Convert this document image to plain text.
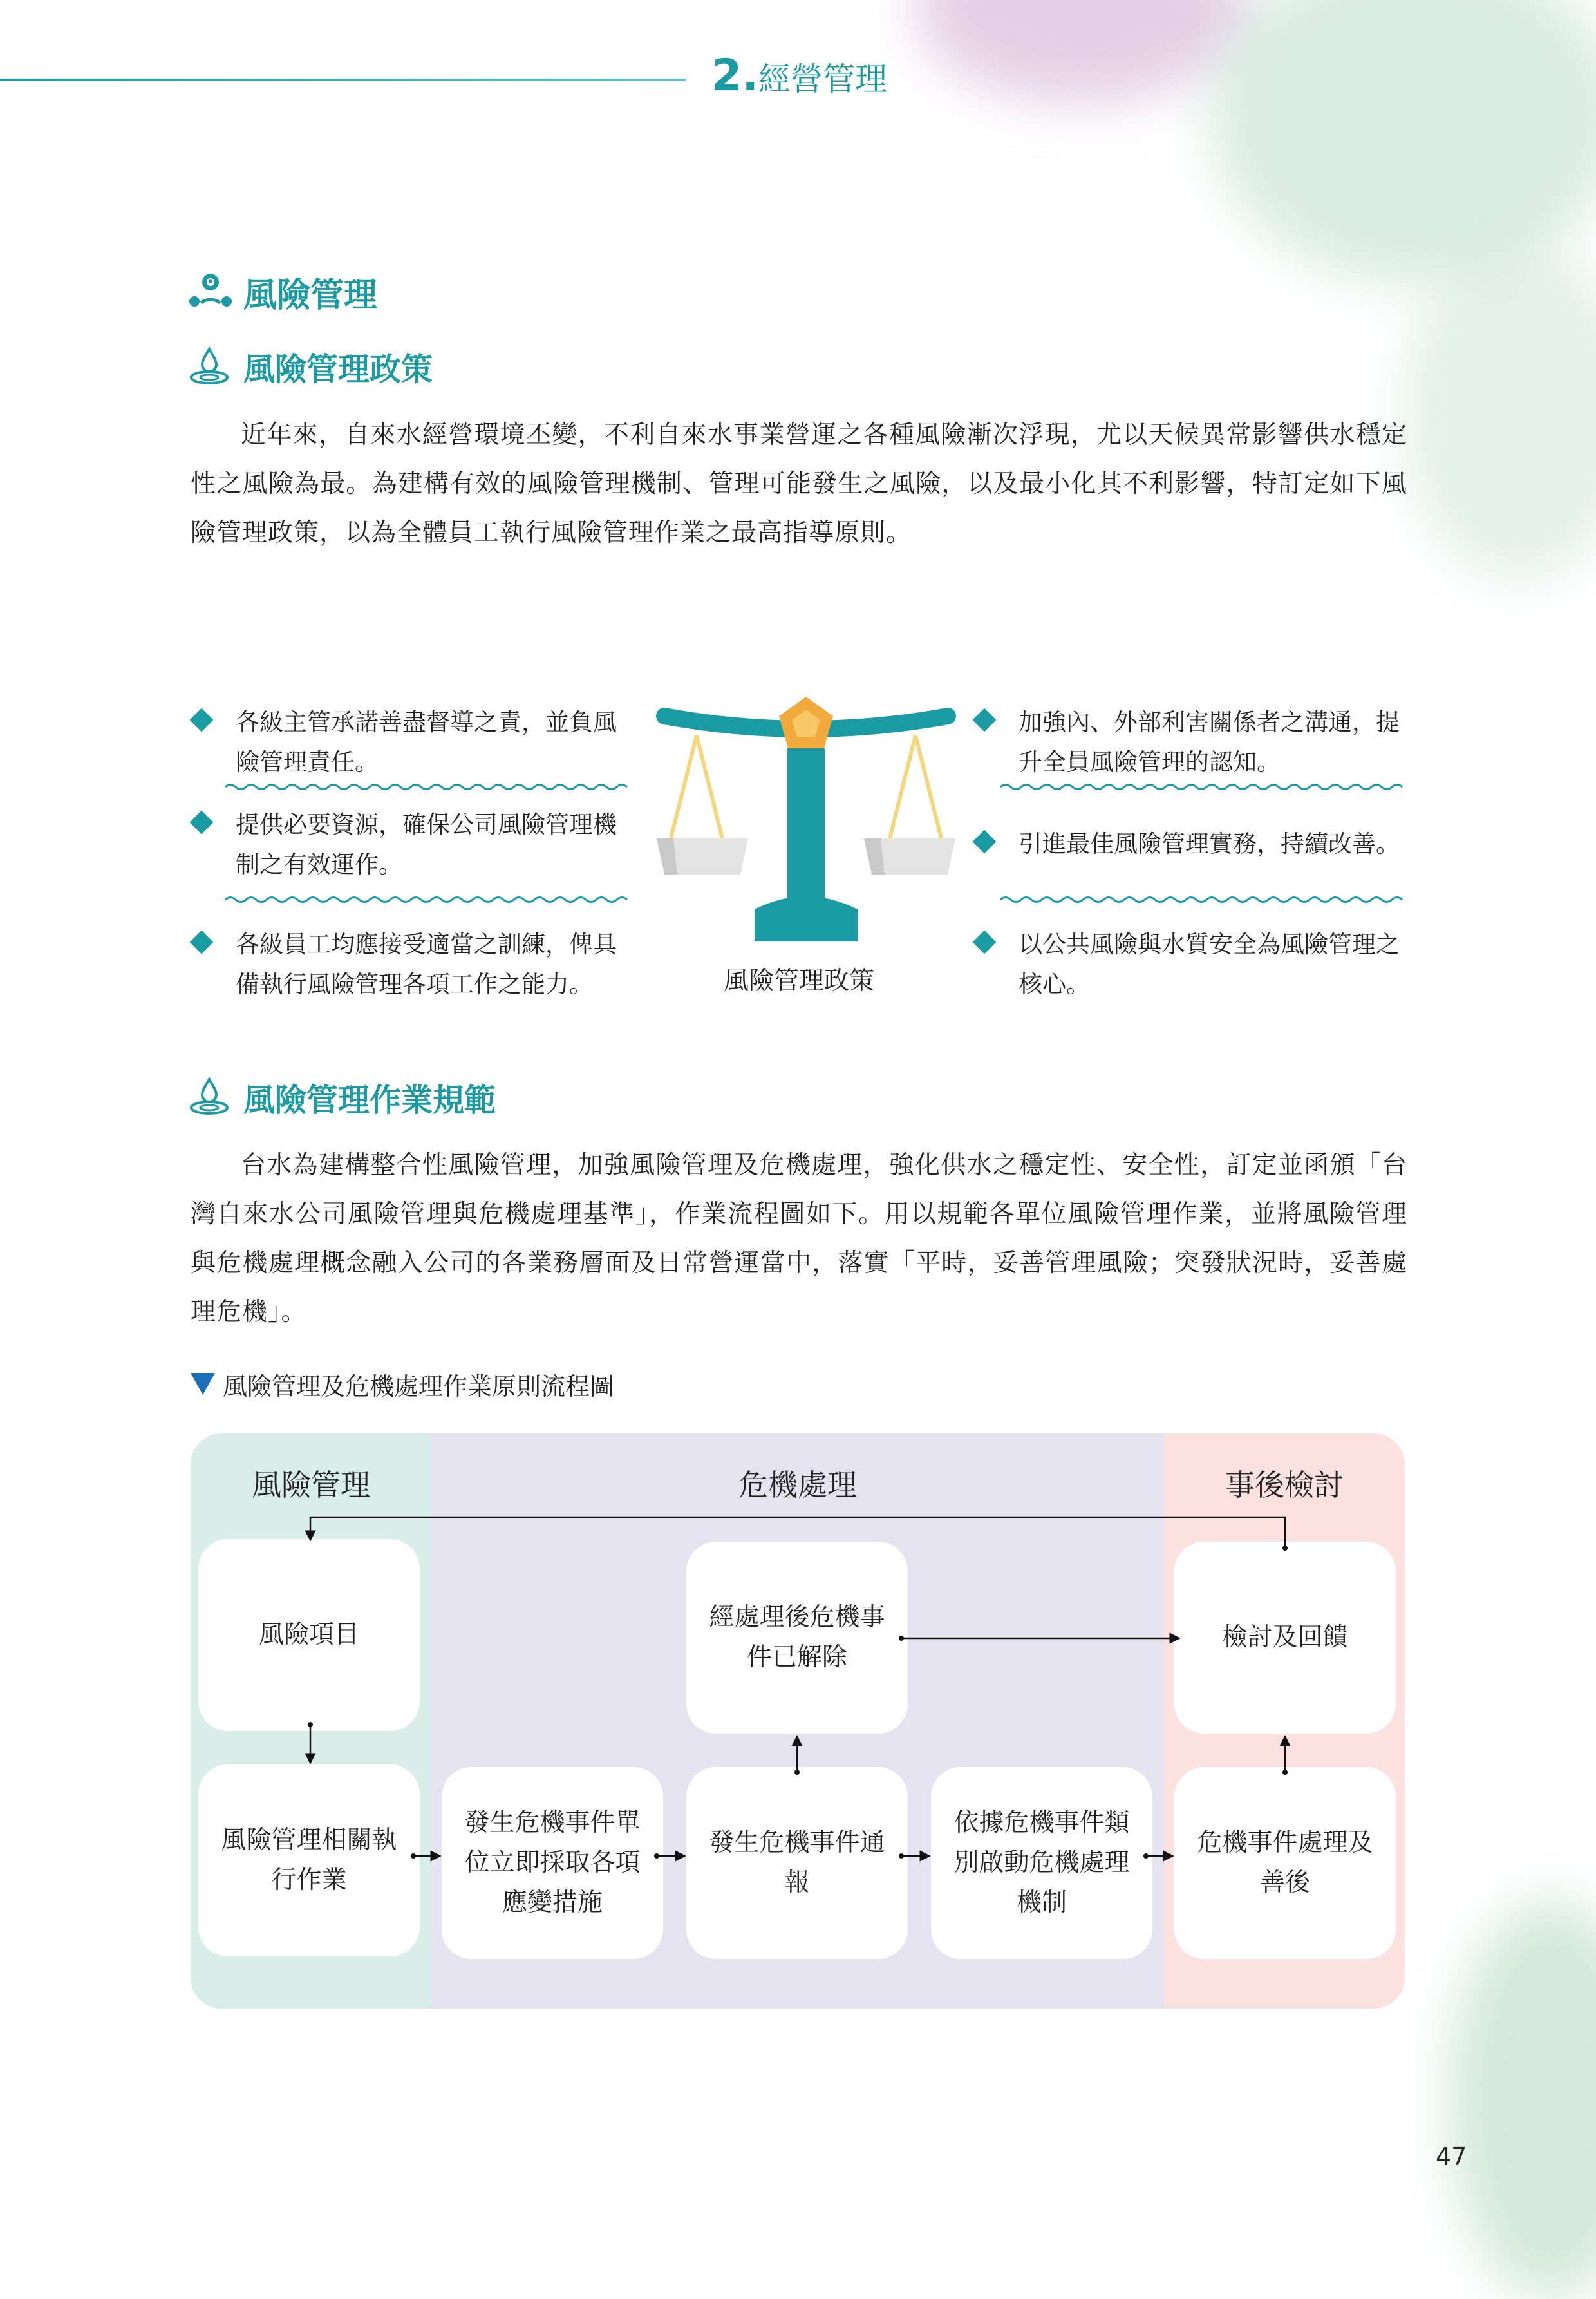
2.經營管理
風險管理
風險管理政策
近年來，自來水經營環境丕變，不利自來水事業營運之各種風險漸次浮現，尤以天候異常影響供水穩定性之風險為最。為建構有效的風險管理機制、管理可能發生之風險，以及最小化其不利影響，特訂定如下風險管理政策，以為全體員工執行風險管理作業之最高指導原則。
各級主管承諾善盡督導之責，並負風
險管理責任。
提供必要資源，確保公司風險管理機
制之有效運作。
各級員工均應接受適當之訓練，俾具
備執行風險管理各項工作之能力。	風險管理政策
加強內、外部利害關係者之溝通，提
升全員風險管理的認知。
引進最佳風險管理實務，持續改善。
以公共風險與水質安全為風險管理之
核心。
風險管理作業規範
台水為建構整合性風險管理，加強風險管理及危機處理，強化供水之穩定性、安全性，訂定並函頒「台灣自來水公司風險管理與危機處理基準」，作業流程圖如下。用以規範各單位風險管理作業，並將風險管理與危機處理概念融入公司的各業務層面及日常營運當中，落實「平時，妥善管理風險；突發狀況時，妥善處理危機」。
風險管理及危機處理作業原則流程圖
風險管理	危機處理	事後檢討
風險項目
風險管理相關執行作業
發生危機事件單位立即採取各項應變措施
經處理後危機事件已解除
發生危機事件通報
依據危機事件類別啟動危機處理機制
檢討及回饋
危機事件處理及善後
47
